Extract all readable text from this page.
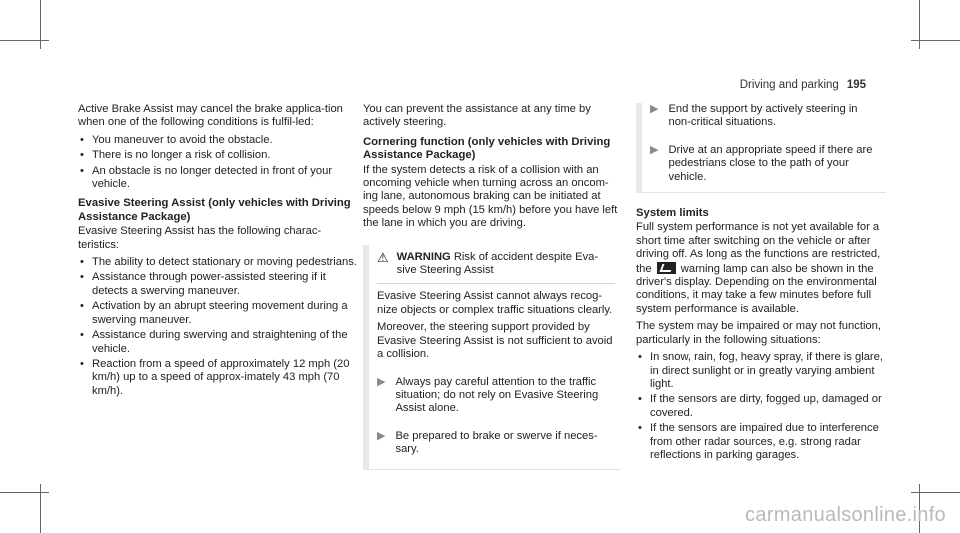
Driving and parking 195

Active Brake Assist may cancel the brake applica-tion when one of the following conditions is fulfil-led:

• You maneuver to avoid the obstacle.
• There is no longer a risk of collision.
• An obstacle is no longer detected in front of your vehicle.
Evasive Steering Assist (only vehicles with Driving Assistance Package)

Evasive Steering Assist has the following charac-teristics:

• The ability to detect stationary or moving pedestrians.
• Assistance through power-assisted steering if it detects a swerving maneuver.
• Activation by an abrupt steering movement during a swerving maneuver.
• Assistance during swerving and straightening of the vehicle.
• Reaction from a speed of approximately 12 mph (20 km/h) up to a speed of approx-imately 43 mph (70 km/h).

You can prevent the assistance at any time by actively steering.

Cornering function (only vehicles with Driving Assistance Package)

If the system detects a risk of a collision with an oncoming vehicle when turning across an oncom-ing lane, autonomous braking can be initiated at speeds below 9 mph (15 km/h) before you have left the lane in which you are driving.

⚠ WARNING Risk of accident despite Eva-sive Steering Assist

Evasive Steering Assist cannot always recog-nize objects or complex traffic situations clearly.

Moreover, the steering support provided by Evasive Steering Assist is not sufficient to avoid a collision.

▶ Always pay careful attention to the traffic situation; do not rely on Evasive Steering Assist alone.
▶ Be prepared to brake or swerve if neces-sary.
▶ End the support by actively steering in non-critical situations.
▶ Drive at an appropriate speed if there are pedestrians close to the path of your vehicle.
System limits

Full system performance is not yet available for a short time after switching on the vehicle or after driving off. As long as the functions are restricted, the	warning lamp can also be shown in the driver's display. Depending on the environmental conditions, it may take a few minutes before full system performance is available.

The system may be impaired or may not function, particularly in the following situations:

• In snow, rain, fog, heavy spray, if there is glare, in direct sunlight or in greatly varying ambient light.
• If the sensors are dirty, fogged up, damaged or covered.
• If the sensors are impaired due to interference from other radar sources, e.g. strong radar reflections in parking garages.
carmanualsonline.info
